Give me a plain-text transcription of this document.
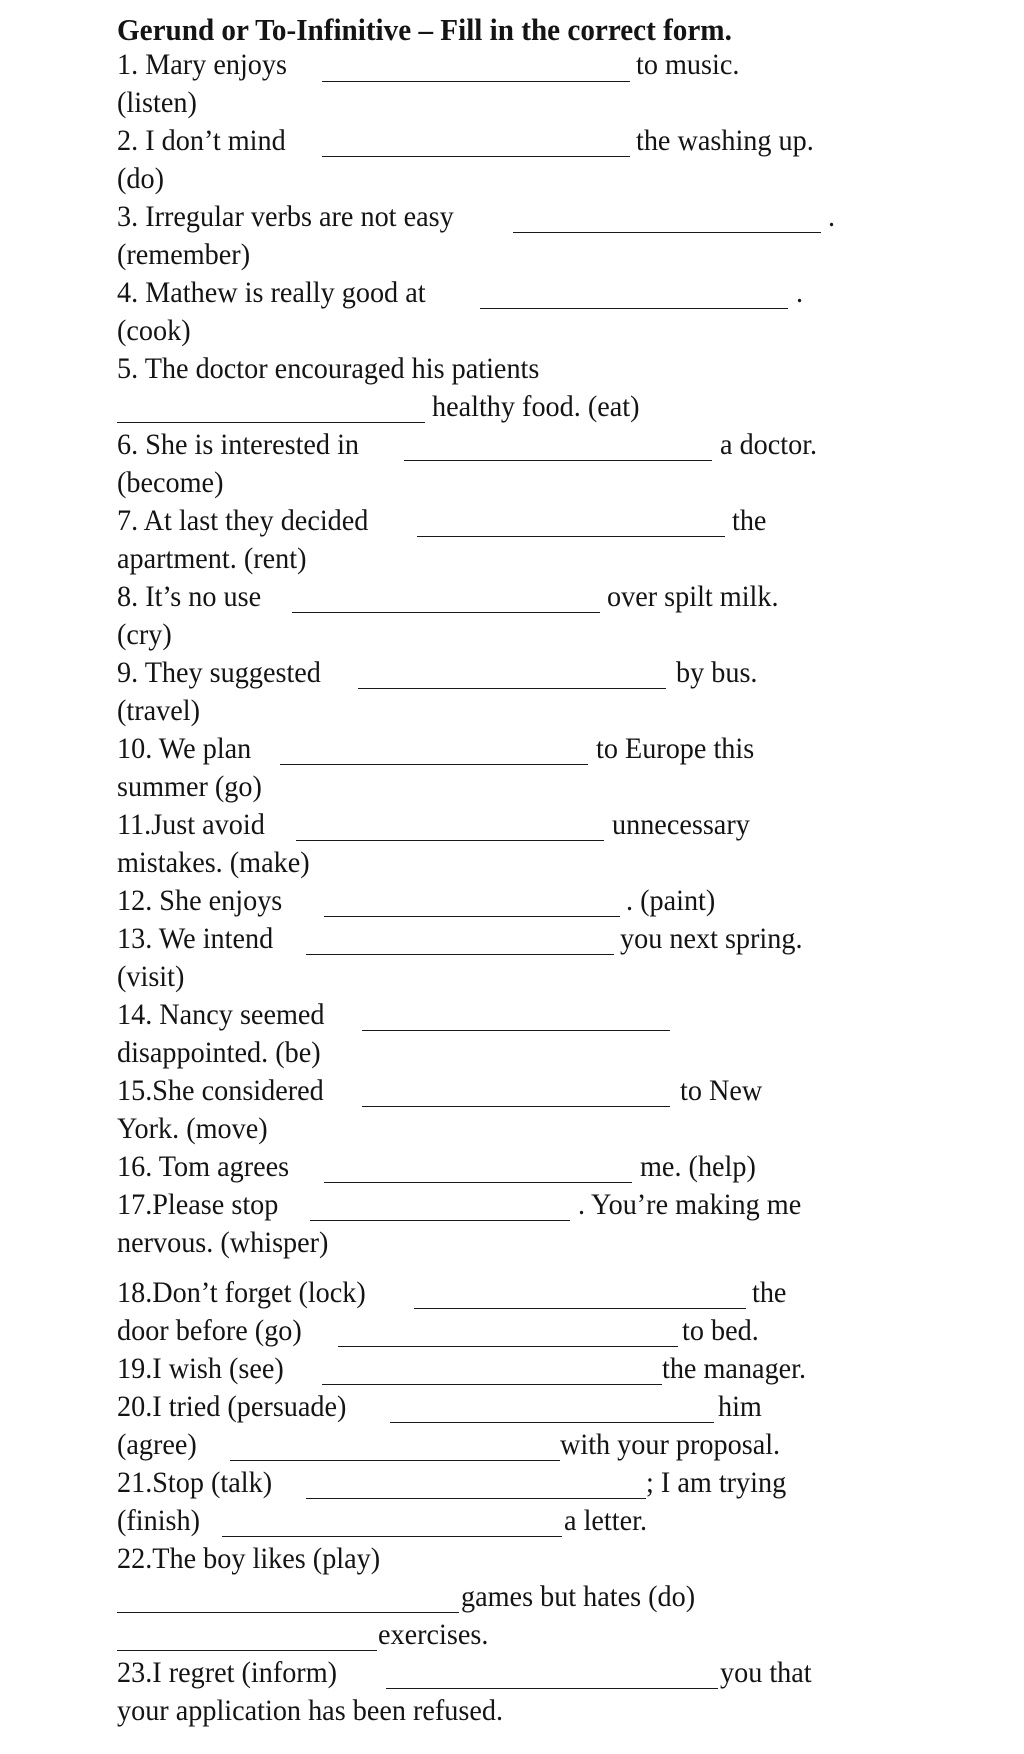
Gerund or To-Infinitive – Fill in the correct form.
1. Mary enjoys	to music.
(listen)
2. I don’t mind	the washing up.
(do)
3. Irregular verbs are not easy	.
(remember)
4. Mathew is really good at	.
(cook)
5. The doctor encouraged his patients
healthy food. (eat)
6. She is interested in	a doctor.
(become)
7. At last they decided	the
apartment. (rent)
8. It’s no use	over spilt milk.
(cry)
9. They suggested	by bus.
(travel)
10. We plan	to Europe this
summer (go)
11.Just avoid	unnecessary
mistakes. (make)
12. She enjoys	. (paint)
13. We intend	you next spring.
(visit)
14. Nancy seemed
disappointed. (be)
15.She considered	to New
York. (move)
16. Tom agrees	me. (help)
17.Please stop	. You’re making me
nervous. (whisper)
18.Don’t forget (lock)	the
door before (go)	to bed.
19.I wish (see)	the manager.
20.I tried (persuade)	him
(agree)	with your proposal.
21.Stop (talk)	; I am trying
(finish)	a letter.
22.The boy likes (play)
games but hates (do)
exercises.
23.I regret (inform)	you that
your application has been refused.
